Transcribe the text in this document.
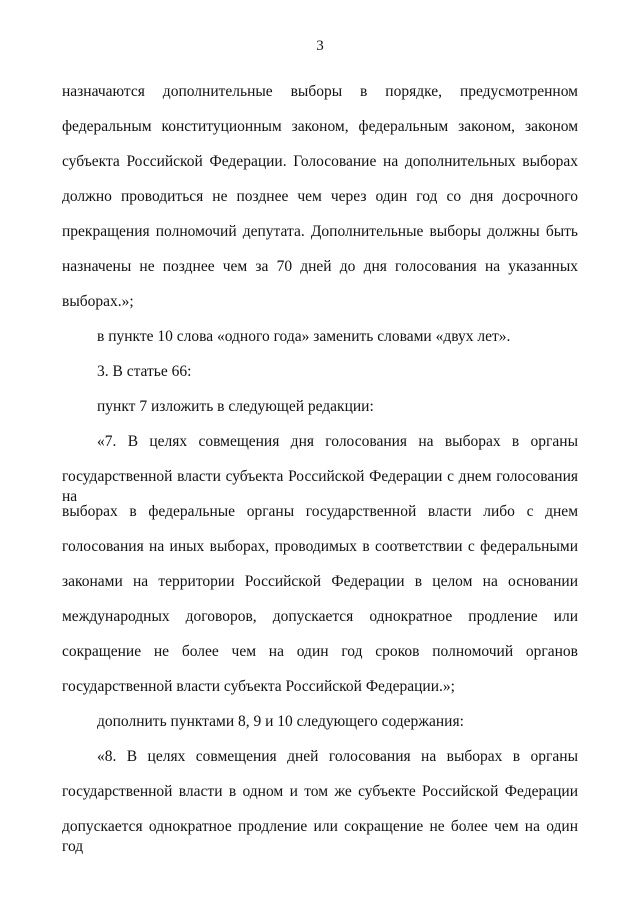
3
назначаются дополнительные выборы в порядке, предусмотренном
федеральным конституционным законом, федеральным законом, законом
субъекта Российской Федерации. Голосование на дополнительных выборах
должно проводиться не позднее чем через один год со дня досрочного
прекращения полномочий депутата. Дополнительные выборы должны быть
назначены не позднее чем за 70 дней до дня голосования на указанных
выборах.»;
в пункте 10 слова «одного года» заменить словами «двух лет».
3. В статье 66:
пункт 7 изложить в следующей редакции:
«7. В целях совмещения дня голосования на выборах в органы
государственной власти субъекта Российской Федерации с днем голосования на
выборах в федеральные органы государственной власти либо с днем
голосования на иных выборах, проводимых в соответствии с федеральными
законами на территории Российской Федерации в целом на основании
международных договоров, допускается однократное продление или
сокращение не более чем на один год сроков полномочий органов
государственной власти субъекта Российской Федерации.»;
дополнить пунктами 8, 9 и 10 следующего содержания:
«8. В целях совмещения дней голосования на выборах в органы
государственной власти в одном и том же субъекте Российской Федерации
допускается однократное продление или сокращение не более чем на один год
